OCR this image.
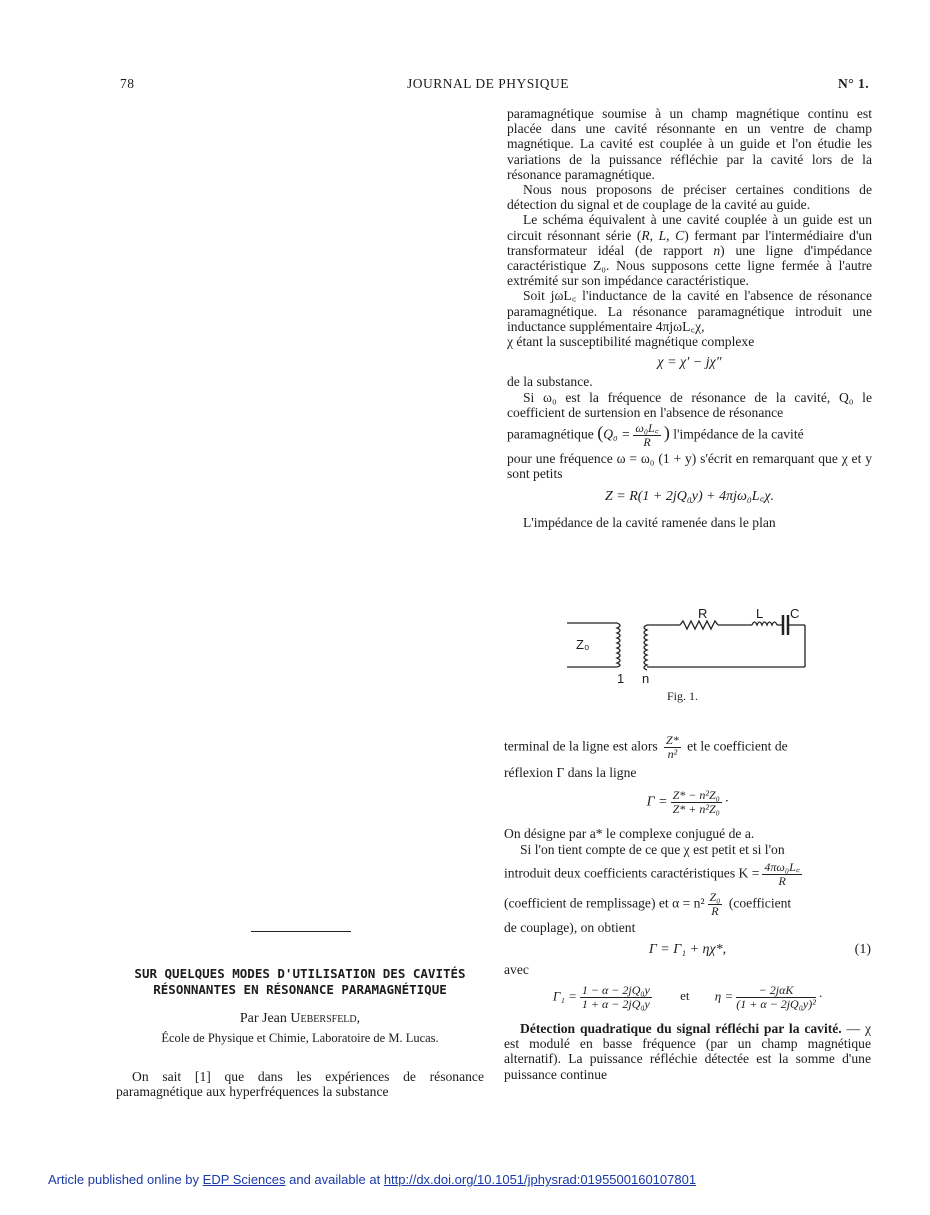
78	JOURNAL DE PHYSIQUE	N° 1.
SUR QUELQUES MODES D'UTILISATION DES CAVITÉS
RÉSONNANTES EN RÉSONANCE PARAMAGNÉTIQUE
Par Jean Uebersfeld,
École de Physique et Chimie, Laboratoire de M. Lucas.

On sait [1] que dans les expériences de résonance paramagnétique aux hyperfréquences la substance

paramagnétique soumise à un champ magnétique continu est placée dans une cavité résonnante en un ventre de champ magnétique. La cavité est couplée à un guide et l'on étudie les variations de la puissance réfléchie par la cavité lors de la résonance paramagnétique.

Nous nous proposons de préciser certaines conditions de détection du signal et de couplage de la cavité au guide.

Le schéma équivalent à une cavité couplée à un guide est un circuit résonnant série (R, L, C) fermant par l'intermédiaire d'un transformateur idéal (de rapport n) une ligne d'impédance caractéristique Z₀. Nous supposons cette ligne fermée à l'autre extrémité sur son impédance caractéristique.

Soit jωL꜀ l'inductance de la cavité en l'absence de résonance paramagnétique. La résonance paramagnétique introduit une inductance supplémentaire 4πjωL꜀χ,

χ étant la susceptibilité magnétique complexe

χ = χ′ − jχ″

de la substance.

Si ω₀ est la fréquence de résonance de la cavité, Q₀ le coefficient de surtension en l'absence de résonance

paramagnétique ($Q_0 = \frac{\text{ω₀L꜀}}{R}$ ) l'impédance de la cavité

pour une fréquence ω = ω₀ (1 + y) s'écrit en remarquant que χ et y sont petits

Z = R(1 + 2jQ₀y) + 4πjω₀L꜀χ.

L'impédance de la cavité ramenée dans le plan

Z₀
R	L C
1 n
Fig. 1.

terminal de la ligne est alors $\frac{Z*}{\text{n²}}$ et le coefficient de

réflexion Γ dans la ligne

$\Gamma = \frac{\text{Z* − n²Z₀}}{\text{Z* + n²Z₀}}$ ·

On désigne par a* le complexe conjugué de a.

Si l'on tient compte de ce que χ est petit et si l'on

introduit deux coefficients caractéristiques $K = \frac{\text{4πω₀L꜀}}{R}$

(coefficient de remplissage) et $\alpha = n^2 \frac{\text{Z₀}}{R}$ (coefficient

de couplage), on obtient

Γ = Γ₁ + ηχ*,	(1)

avec

$\Gamma_1 = \frac{\text{1 − α − 2jQ₀y}}{\text{1 + α − 2jQ₀y}}$ et $\eta = \frac{\text{− 2jαK}}{\text{(1 + α − 2jQ₀y)²}}$ ·

Détection quadratique du signal réfléchi par la cavité. — χ est modulé en basse fréquence (par un champ magnétique alternatif). La puissance réfléchie détectée est la somme d'une puissance continue

Article published online by EDP Sciences and available at http://dx.doi.org/10.1051/jphysrad:0195500160107801
